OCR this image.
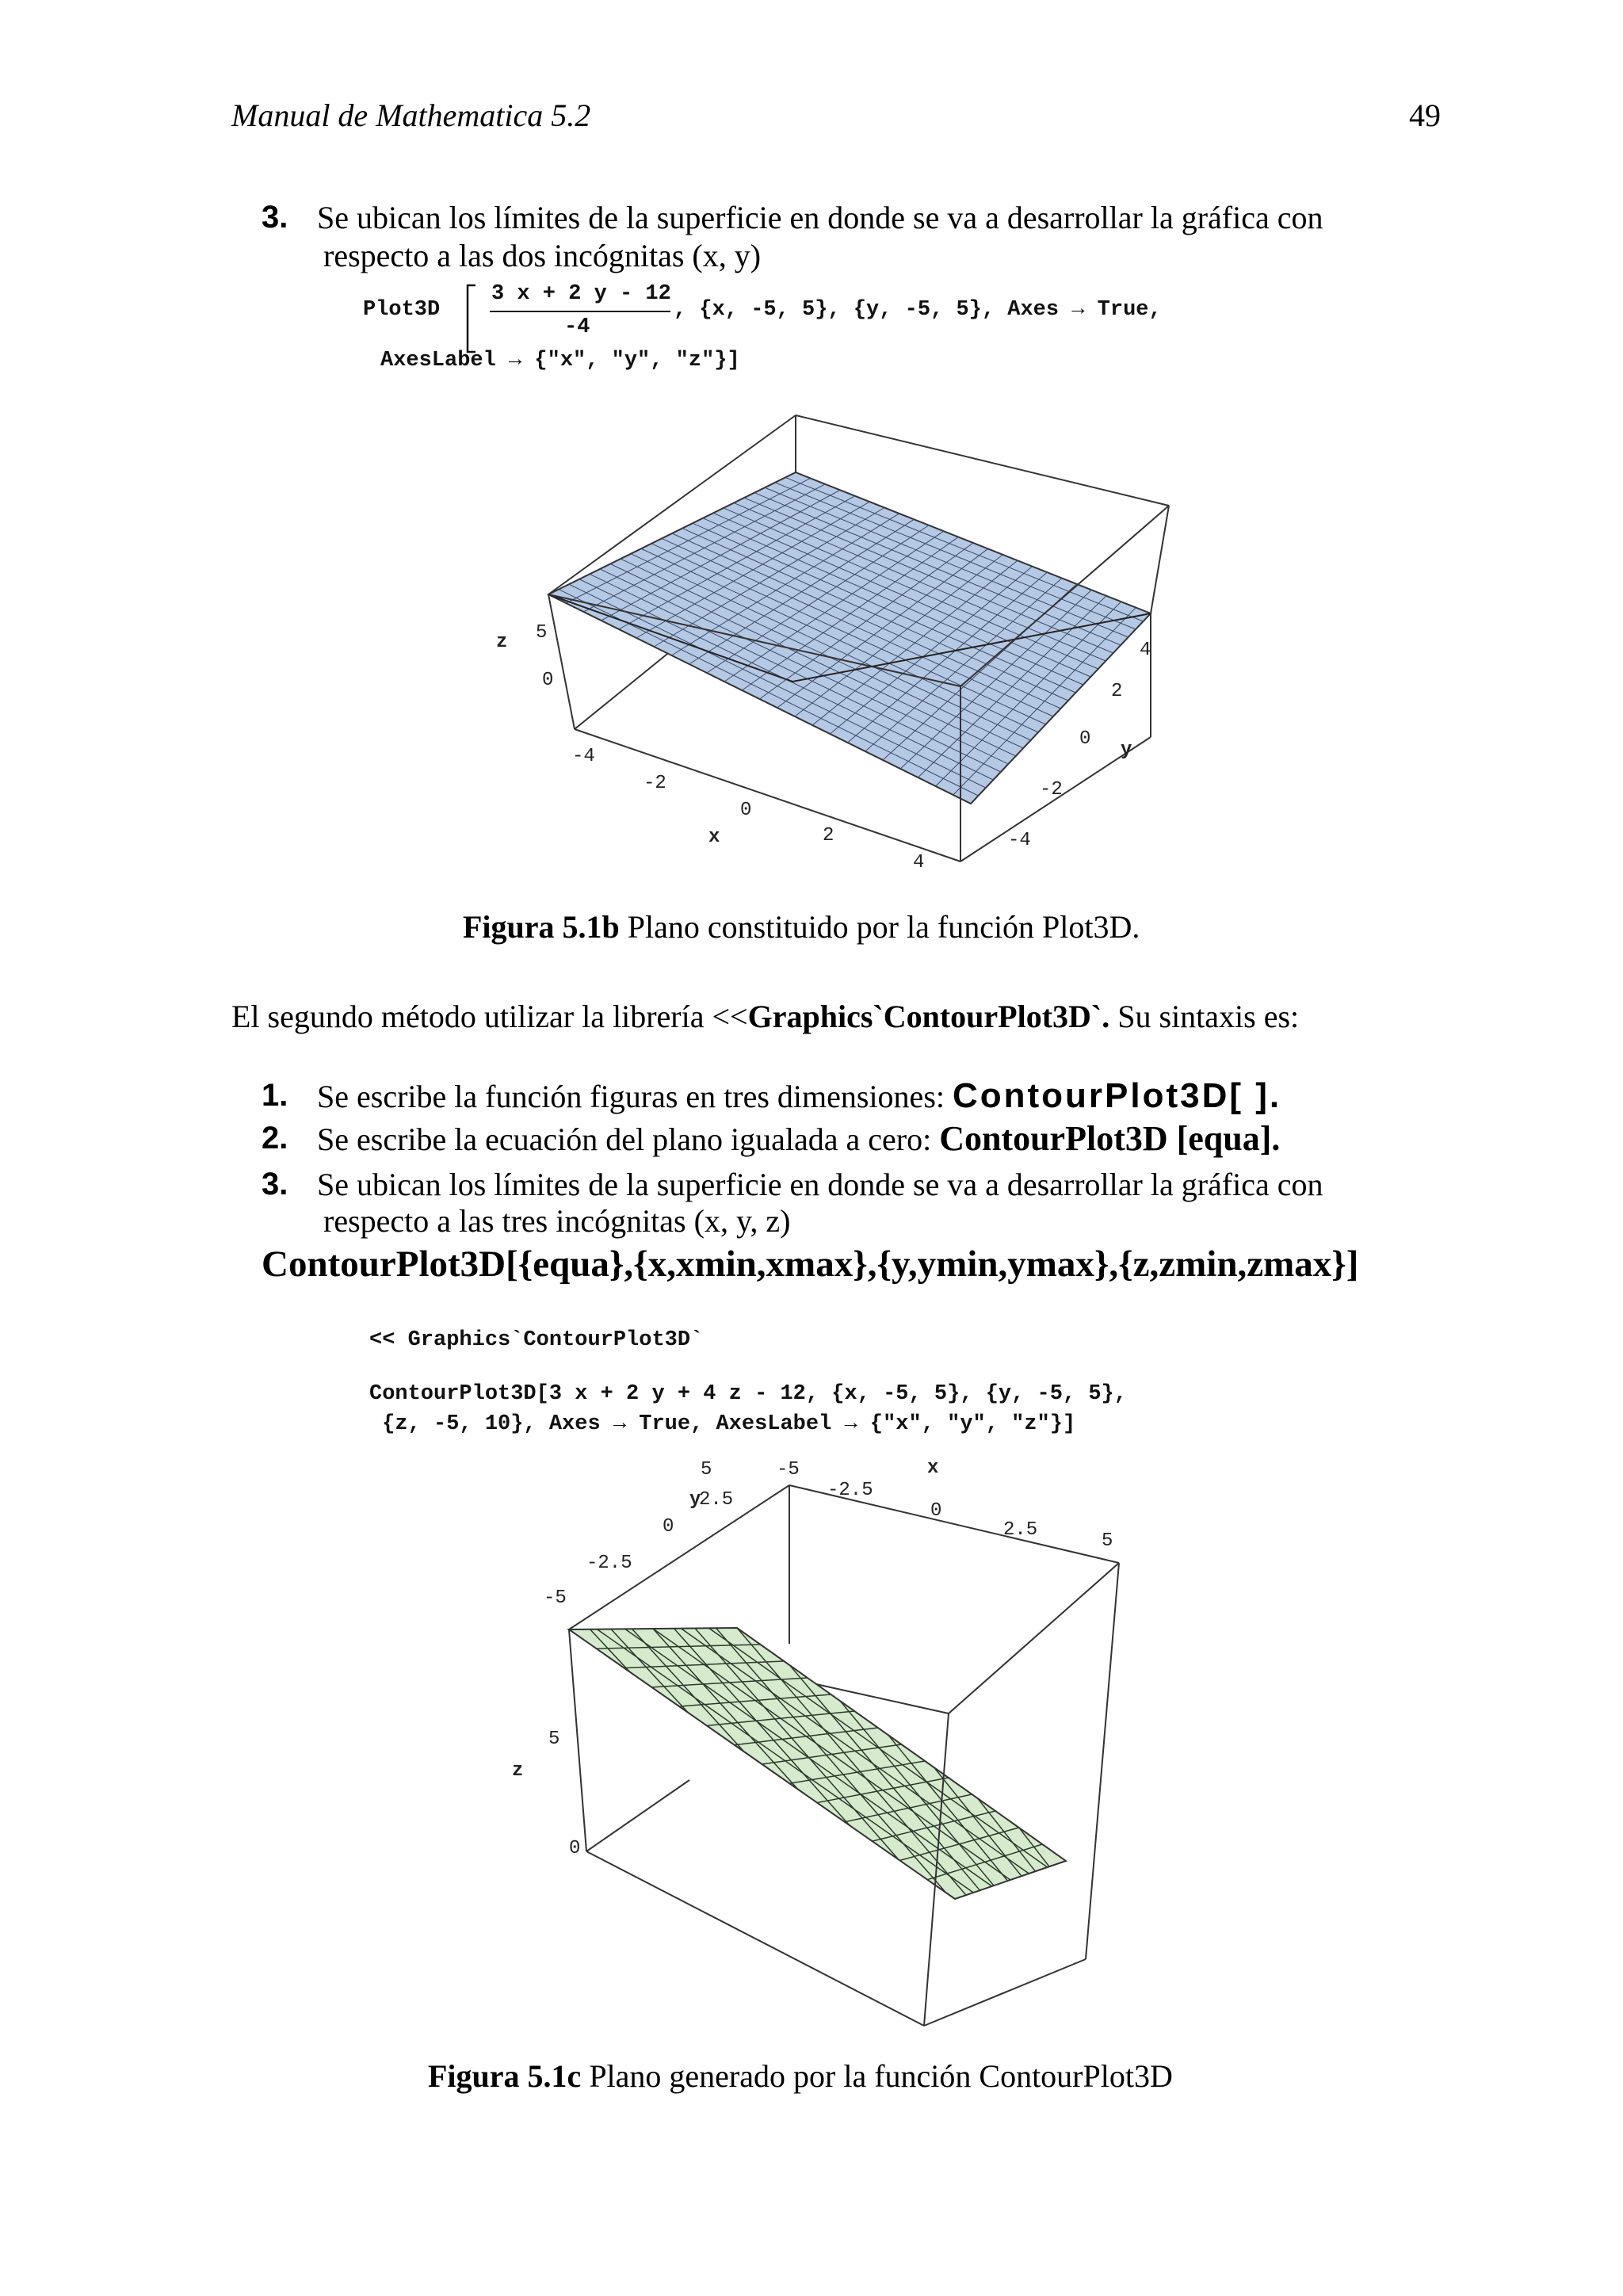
Manual de Mathematica 5.2	49
3. Se ubican los límites de la superficie en donde se va a desarrollar la gráfica con
respecto a las dos incógnitas (x, y)
Plot3D
3 x + 2 y - 12
-4
, {x, -5, 5}, {y, -5, 5}, Axes → True,
AxesLabel → {"x", "y", "z"}]
z 5
0
-4
-2
0
2
4
x
4
2
0
-2
-4
y
Figura 5.1b Plano constituido por la función Plot3D.
El segundo método utilizar la librería <<Graphics`ContourPlot3D`. Su sintaxis es:
1. Se escribe la función figuras en tres dimensiones: ContourPlot3D[ ].
2. Se escribe la ecuación del plano igualada a cero: ContourPlot3D [equa].
3. Se ubican los límites de la superficie en donde se va a desarrollar la gráfica con
respecto a las tres incógnitas (x, y, z)
ContourPlot3D[{equa},{x,xmin,xmax},{y,ymin,ymax},{z,zmin,zmax}]
<< Graphics`ContourPlot3D`
ContourPlot3D[3 x + 2 y + 4 z - 12, {x, -5, 5}, {y, -5, 5},
{z, -5, 10}, Axes → True, AxesLabel → {"x", "y", "z"}]
y
5
2.5
0
-2.5
-5
x
-5
-2.5
0
2.5
5
z
5
0
Figura 5.1c Plano generado por la función ContourPlot3D
